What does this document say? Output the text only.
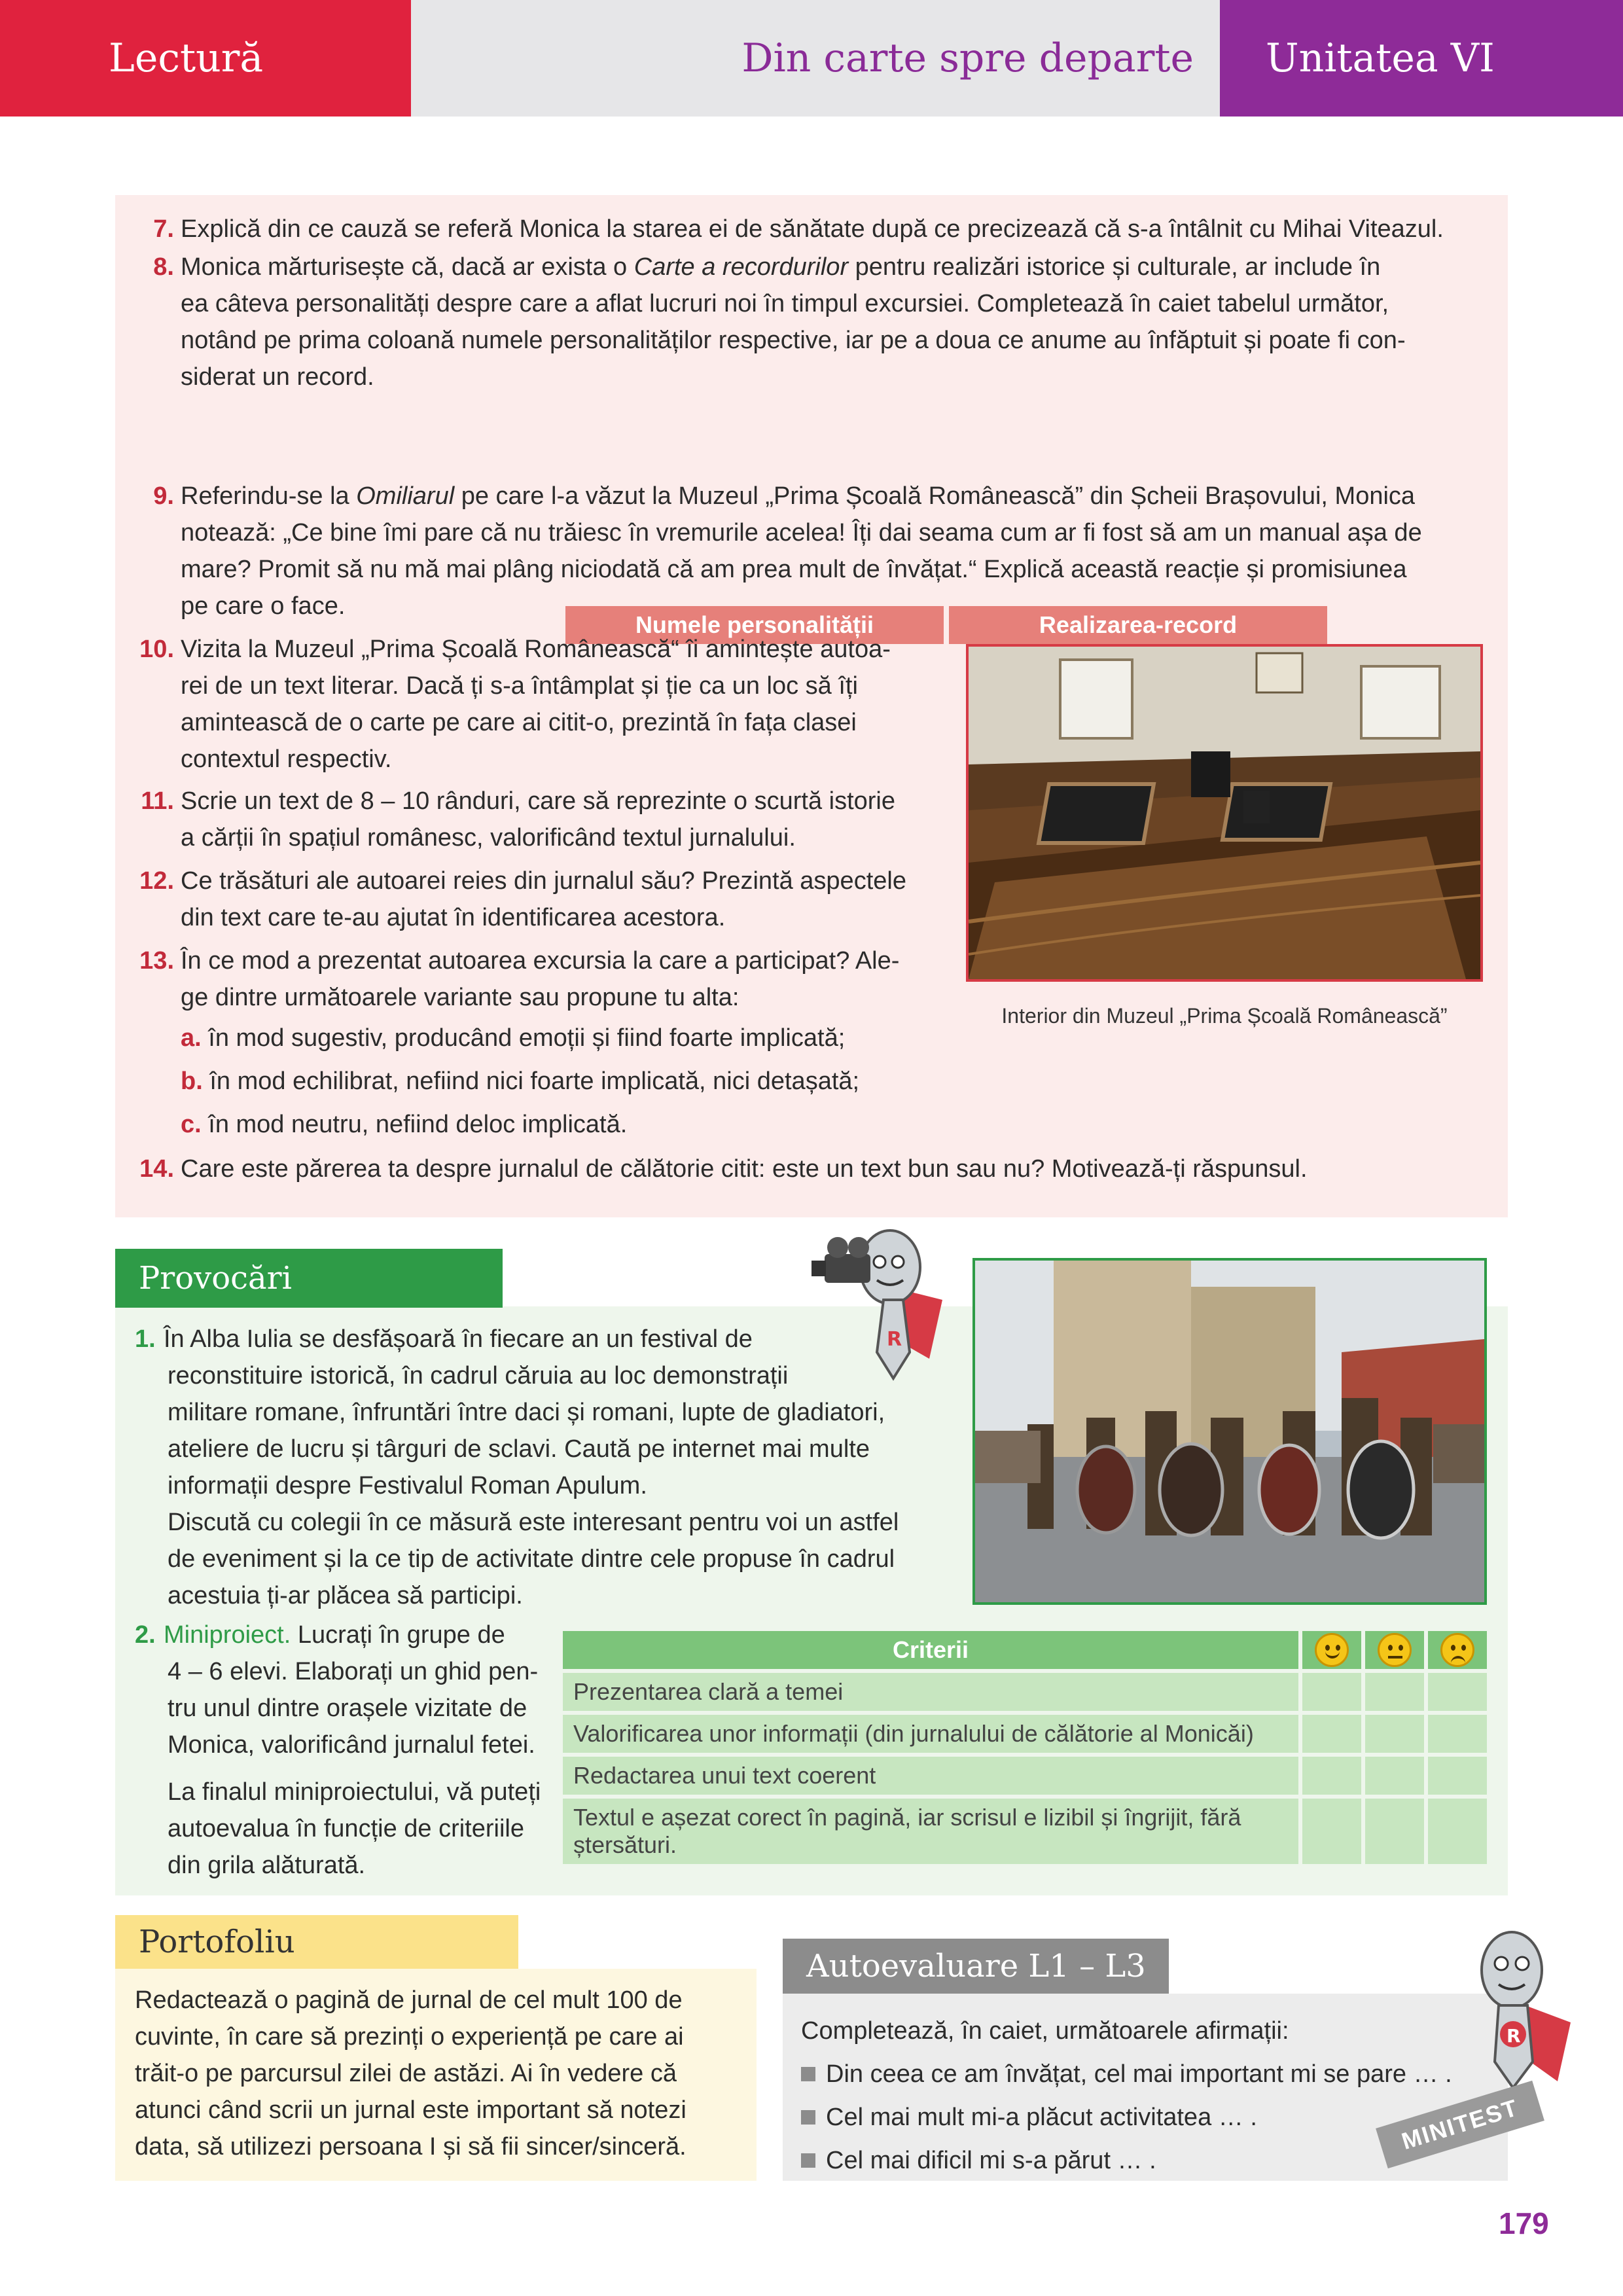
Lectură	Din carte spre departe	Unitatea VI
7. Explică din ce cauză se referă Monica la starea ei de sănătate după ce precizează că s-a întâlnit cu Mihai Viteazul.
8. Monica mărturisește că, dacă ar exista o Carte a recordurilor pentru realizări istorice și culturale, ar include în
ea câteva personalități despre care a aflat lucruri noi în timpul excursiei. Completează în caiet tabelul următor,
notând pe prima coloană numele personalităților respective, iar pe a doua ce anume au înfăptuit și poate fi con-
siderat un record.
Numele personalității	Realizarea-record
9. Referindu-se la Omiliarul pe care l-a văzut la Muzeul „Prima Școală Românească” din Șcheii Brașovului, Monica
notează: „Ce bine îmi pare că nu trăiesc în vremurile acelea! Îți dai seama cum ar fi fost să am un manual așa de
mare? Promit să nu mă mai plâng niciodată că am prea mult de învățat.“ Explică această reacție și promisiunea
pe care o face.
10. Vizita la Muzeul „Prima Școală Românească“ îi amintește autoa-
rei de un text literar. Dacă ți s-a întâmplat și ție ca un loc să îți
amintească de o carte pe care ai citit-o, prezintă în fața clasei
contextul respectiv.
11. Scrie un text de 8 – 10 rânduri, care să reprezinte o scurtă istorie
a cărții în spațiul românesc, valorificând textul jurnalului.
12. Ce trăsături ale autoarei reies din jurnalul său? Prezintă aspectele
din text care te-au ajutat în identificarea acestora.
13. În ce mod a prezentat autoarea excursia la care a participat? Ale-
ge dintre următoarele variante sau propune tu alta:
a. în mod sugestiv, producând emoții și fiind foarte implicată;
b. în mod echilibrat, nefiind nici foarte implicată, nici detașată;
c. în mod neutru, nefiind deloc implicată.
14. Care este părerea ta despre jurnalul de călătorie citit: este un text bun sau nu? Motivează-ți răspunsul.
Interior din Muzeul „Prima Școală Românească”
Provocări
R
1. În Alba Iulia se desfășoară în fiecare an un festival de
reconstituire istorică, în cadrul căruia au loc demonstrații
militare romane, înfruntări între daci și romani, lupte de gladiatori,
ateliere de lucru și târguri de sclavi. Caută pe internet mai multe
informații despre Festivalul Roman Apulum.
Discută cu colegii în ce măsură este interesant pentru voi un astfel
de eveniment și la ce tip de activitate dintre cele propuse în cadrul
acestuia ți-ar plăcea să participi.
2. Miniproiect. Lucrați în grupe de
4 – 6 elevi. Elaborați un ghid pen-
tru unul dintre orașele vizitate de
Monica, valorificând jurnalul fetei.
La finalul miniproiectului, vă puteți
autoevalua în funcție de criteriile
din grila alăturată.
Criterii
Prezentarea clară a temei
Valorificarea unor informații (din jurnalului de călătorie al Monicăi)
Redactarea unui text coerent
Textul e așezat corect în pagină, iar scrisul e lizibil și îngrijit, fără
ștersături.
Portofoliu
Redactează o pagină de jurnal de cel mult 100 de
cuvinte, în care să prezinți o experiență pe care ai
trăit-o pe parcursul zilei de astăzi. Ai în vedere că
atunci când scrii un jurnal este important să notezi
data, să utilizezi persoana I și să fii sincer/sinceră.
Autoevaluare L1 – L3
Completează, în caiet, următoarele afirmații:
Din ceea ce am învățat, cel mai important mi se pare … .
Cel mai mult mi-a plăcut activitatea … .
Cel mai dificil mi s-a părut … .
R
MINITEST
179
